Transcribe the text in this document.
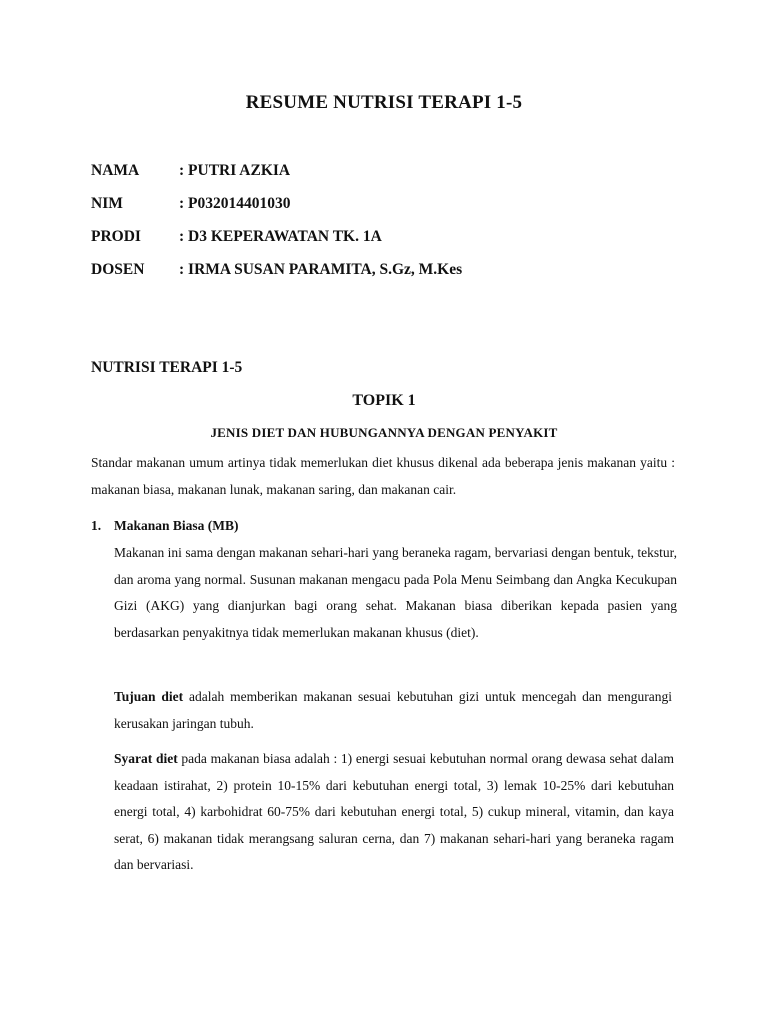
RESUME NUTRISI TERAPI 1-5
NAMA	: PUTRI AZKIA
NIM	: P032014401030
PRODI : D3 KEPERAWATAN TK. 1A
DOSEN : IRMA SUSAN PARAMITA, S.Gz, M.Kes
NUTRISI TERAPI 1-5
TOPIK 1
JENIS DIET DAN HUBUNGANNYA DENGAN PENYAKIT
Standar makanan umum artinya tidak memerlukan diet khusus dikenal ada beberapa jenis makanan yaitu : makanan biasa, makanan lunak, makanan saring, dan makanan cair.
1. Makanan Biasa (MB)
Makanan ini sama dengan makanan sehari-hari yang beraneka ragam, bervariasi dengan bentuk, tekstur, dan aroma yang normal. Susunan makanan mengacu pada Pola Menu Seimbang dan Angka Kecukupan Gizi (AKG) yang dianjurkan bagi orang sehat. Makanan biasa diberikan kepada pasien yang berdasarkan penyakitnya tidak memerlukan makanan khusus (diet).
Tujuan diet adalah memberikan makanan sesuai kebutuhan gizi untuk mencegah dan mengurangi kerusakan jaringan tubuh.
Syarat diet pada makanan biasa adalah : 1) energi sesuai kebutuhan normal orang dewasa sehat dalam keadaan istirahat, 2) protein 10-15% dari kebutuhan energi total, 3) lemak 10-25% dari kebutuhan energi total, 4) karbohidrat 60-75% dari kebutuhan energi total, 5) cukup mineral, vitamin, dan kaya serat, 6) makanan tidak merangsang saluran cerna, dan 7) makanan sehari-hari yang beraneka ragam dan bervariasi.
